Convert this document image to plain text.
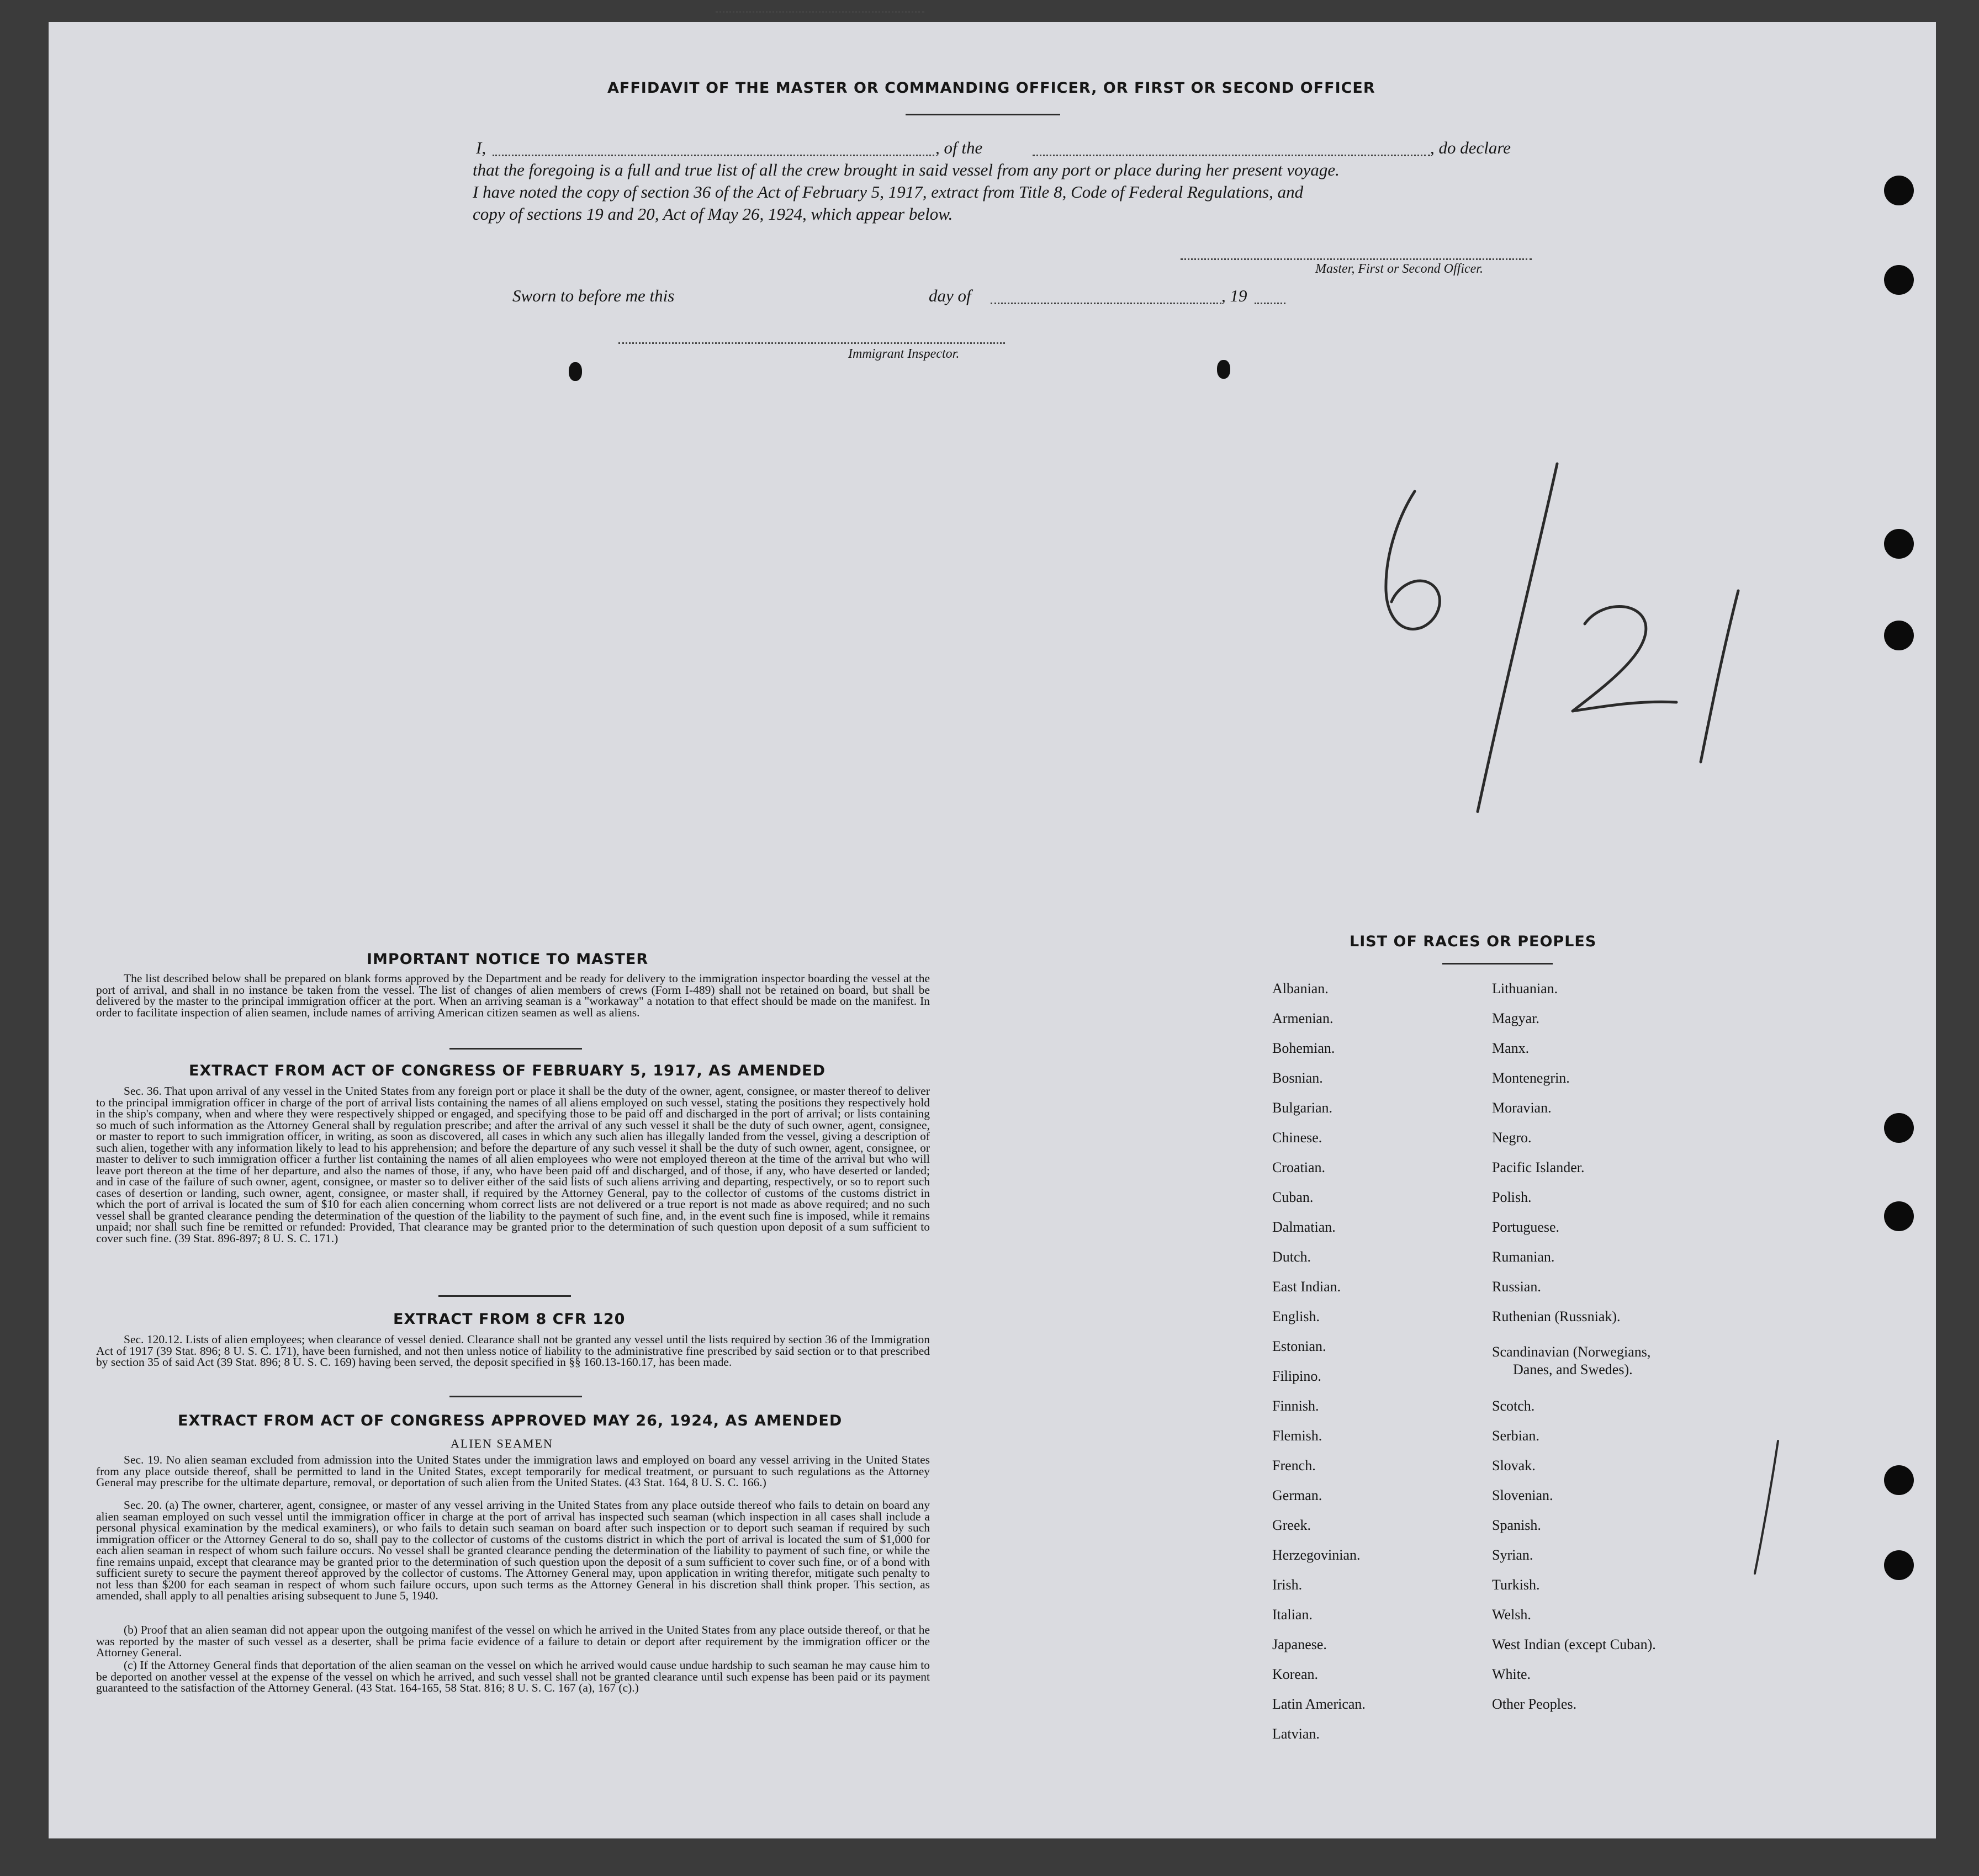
AFFIDAVIT OF THE MASTER OR COMMANDING OFFICER, OR FIRST OR SECOND OFFICER
I,	, of the	, do declare
that the foregoing is a full and true list of all the crew brought in said vessel from any port or place during her present voyage.
I have noted the copy of section 36 of the Act of February 5, 1917, extract from Title 8, Code of Federal Regulations, and
copy of sections 19 and 20, Act of May 26, 1924, which appear below.
Master, First or Second Officer.
Sworn to before me this	day of	, 19
Immigrant Inspector.
IMPORTANT NOTICE TO MASTER
The list described below shall be prepared on blank forms approved by the Department and be ready for delivery to the immigration inspector boarding the vessel at the port of arrival, and shall in no instance be taken from the vessel. The list of changes of alien members of crews (Form I-489) shall not be retained on board, but shall be delivered by the master to the principal immigration officer at the port. When an arriving seaman is a "workaway" a notation to that effect should be made on the manifest. In order to facilitate inspection of alien seamen, include names of arriving American citizen seamen as well as aliens.
EXTRACT FROM ACT OF CONGRESS OF FEBRUARY 5, 1917, AS AMENDED
Sec. 36. That upon arrival of any vessel in the United States from any foreign port or place it shall be the duty of the owner, agent, consignee, or master thereof to deliver to the principal immigration officer in charge of the port of arrival lists containing the names of all aliens employed on such vessel, stating the positions they respectively hold in the ship's company, when and where they were respectively shipped or engaged, and specifying those to be paid off and discharged in the port of arrival; or lists containing so much of such information as the Attorney General shall by regulation prescribe; and after the arrival of any such vessel it shall be the duty of such owner, agent, consignee, or master to report to such immigration officer, in writing, as soon as discovered, all cases in which any such alien has illegally landed from the vessel, giving a description of such alien, together with any information likely to lead to his apprehension; and before the departure of any such vessel it shall be the duty of such owner, agent, consignee, or master to deliver to such immigration officer a further list containing the names of all alien employees who were not employed thereon at the time of the arrival but who will leave port thereon at the time of her departure, and also the names of those, if any, who have been paid off and discharged, and of those, if any, who have deserted or landed; and in case of the failure of such owner, agent, consignee, or master so to deliver either of the said lists of such aliens arriving and departing, respectively, or so to report such cases of desertion or landing, such owner, agent, consignee, or master shall, if required by the Attorney General, pay to the collector of customs of the customs district in which the port of arrival is located the sum of $10 for each alien concerning whom correct lists are not delivered or a true report is not made as above required; and no such vessel shall be granted clearance pending the determination of the question of the liability to the payment of such fine, and, in the event such fine is imposed, while it remains unpaid; nor shall such fine be remitted or refunded: Provided, That clearance may be granted prior to the determination of such question upon deposit of a sum sufficient to cover such fine. (39 Stat. 896-897; 8 U. S. C. 171.)
EXTRACT FROM 8 CFR 120
Sec. 120.12. Lists of alien employees; when clearance of vessel denied. Clearance shall not be granted any vessel until the lists required by section 36 of the Immigration Act of 1917 (39 Stat. 896; 8 U. S. C. 171), have been furnished, and not then unless notice of liability to the administrative fine prescribed by said section or to that prescribed by section 35 of said Act (39 Stat. 896; 8 U. S. C. 169) having been served, the deposit specified in §§ 160.13-160.17, has been made.
EXTRACT FROM ACT OF CONGRESS APPROVED MAY 26, 1924, AS AMENDED
ALIEN SEAMEN
Sec. 19. No alien seaman excluded from admission into the United States under the immigration laws and employed on board any vessel arriving in the United States from any place outside thereof, shall be permitted to land in the United States, except temporarily for medical treatment, or pursuant to such regulations as the Attorney General may prescribe for the ultimate departure, removal, or deportation of such alien from the United States. (43 Stat. 164, 8 U. S. C. 166.)
Sec. 20. (a) The owner, charterer, agent, consignee, or master of any vessel arriving in the United States from any place outside thereof who fails to detain on board any alien seaman employed on such vessel until the immigration officer in charge at the port of arrival has inspected such seaman (which inspection in all cases shall include a personal physical examination by the medical examiners), or who fails to detain such seaman on board after such inspection or to deport such seaman if required by such immigration officer or the Attorney General to do so, shall pay to the collector of customs of the customs district in which the port of arrival is located the sum of $1,000 for each alien seaman in respect of whom such failure occurs. No vessel shall be granted clearance pending the determination of the liability to payment of such fine, or while the fine remains unpaid, except that clearance may be granted prior to the determination of such question upon the deposit of a sum sufficient to cover such fine, or of a bond with sufficient surety to secure the payment thereof approved by the collector of customs. The Attorney General may, upon application in writing therefor, mitigate such penalty to not less than $200 for each seaman in respect of whom such failure occurs, upon such terms as the Attorney General in his discretion shall think proper. This section, as amended, shall apply to all penalties arising subsequent to June 5, 1940.
(b) Proof that an alien seaman did not appear upon the outgoing manifest of the vessel on which he arrived in the United States from any place outside thereof, or that he was reported by the master of such vessel as a deserter, shall be prima facie evidence of a failure to detain or deport after requirement by the immigration officer or the Attorney General.
(c) If the Attorney General finds that deportation of the alien seaman on the vessel on which he arrived would cause undue hardship to such seaman he may cause him to be deported on another vessel at the expense of the vessel on which he arrived, and such vessel shall not be granted clearance until such expense has been paid or its payment guaranteed to the satisfaction of the Attorney General. (43 Stat. 164-165, 58 Stat. 816; 8 U. S. C. 167 (a), 167 (c).)
LIST OF RACES OR PEOPLES
Albanian.
Armenian.
Bohemian.
Bosnian.
Bulgarian.
Chinese.
Croatian.
Cuban.
Dalmatian.
Dutch.
East Indian.
English.
Estonian.
Filipino.
Finnish.
Flemish.
French.
German.
Greek.
Herzegovinian.
Irish.
Italian.
Japanese.
Korean.
Latin American.
Latvian.
Lithuanian.
Magyar.
Manx.
Montenegrin.
Moravian.
Negro.
Pacific Islander.
Polish.
Portuguese.
Rumanian.
Russian.
Ruthenian (Russniak).
Scandinavian (Norwegians,
Danes, and Swedes).
Scotch.
Serbian.
Slovak.
Slovenian.
Spanish.
Syrian.
Turkish.
Welsh.
West Indian (except Cuban).
White.
Other Peoples.
